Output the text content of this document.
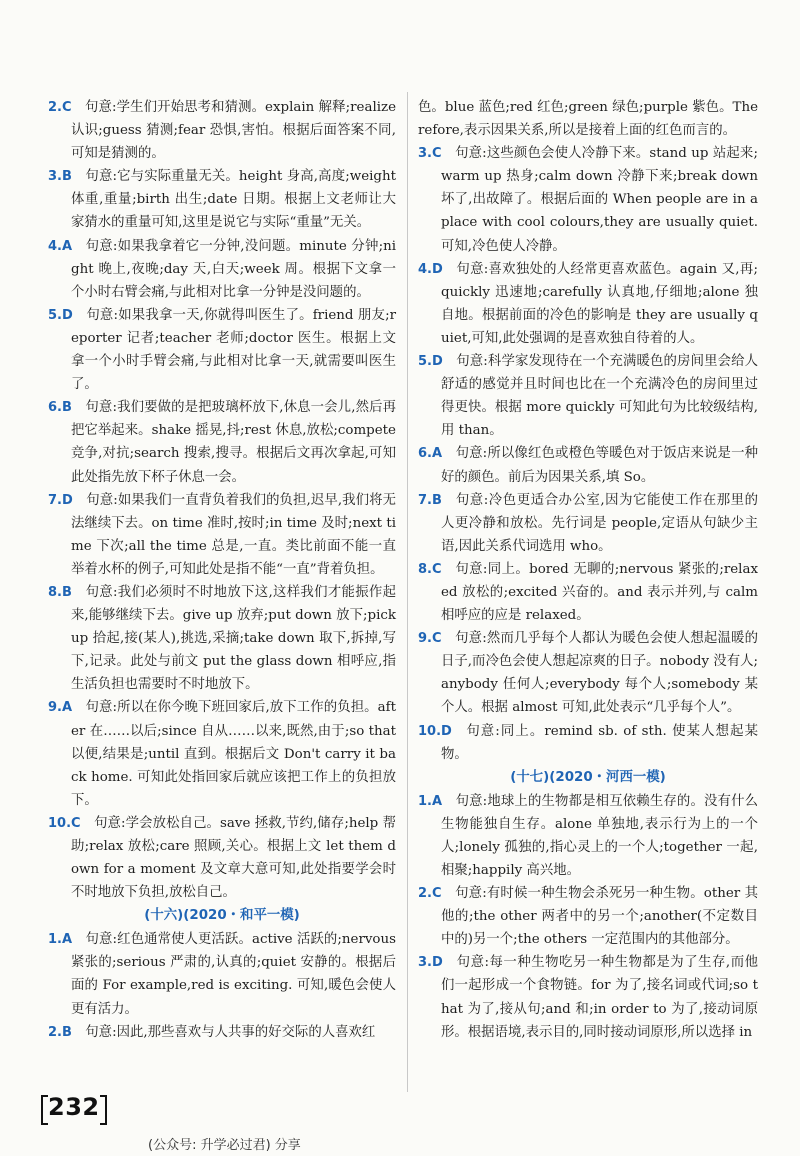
2.C  句意:学生们开始思考和猜测。explain 解释;realize 认识;guess 猜测;fear 恐惧,害怕。根据后面答案不同,可知是猜测的。
3.B  句意:它与实际重量无关。height 身高,高度;weight 体重,重量;birth 出生;date 日期。根据上文老师让大家猜水的重量可知,这里是说它与实际“重量”无关。
4.A  句意:如果我拿着它一分钟,没问题。minute 分钟;night 晚上,夜晚;day 天,白天;week 周。根据下文拿一个小时右臂会痛,与此相对比拿一分钟是没问题的。
5.D  句意:如果我拿一天,你就得叫医生了。friend 朋友;reporter 记者;teacher 老师;doctor 医生。根据上文拿一个小时手臂会痛,与此相对比拿一天,就需要叫医生了。
6.B  句意:我们要做的是把玻璃杯放下,休息一会儿,然后再把它举起来。shake 摇晃,抖;rest 休息,放松;compete 竞争,对抗;search 搜索,搜寻。根据后文再次拿起,可知此处指先放下杯子休息一会。
7.D  句意:如果我们一直背负着我们的负担,迟早,我们将无法继续下去。on time 准时,按时;in time 及时;next time 下次;all the time 总是,一直。类比前面不能一直举着水杯的例子,可知此处是指不能“一直”背着负担。
8.B  句意:我们必须时不时地放下这,这样我们才能振作起来,能够继续下去。give up 放弃;put down 放下;pick up 拾起,接(某人),挑选,采摘;take down 取下,拆掉,写下,记录。此处与前文 put the glass down 相呼应,指生活负担也需要时不时地放下。
9.A  句意:所以在你今晚下班回家后,放下工作的负担。after 在……以后;since 自从……以来,既然,由于;so that 以便,结果是;until 直到。根据后文 Don't carry it back home. 可知此处指回家后就应该把工作上的负担放下。
10.C  句意:学会放松自己。save 拯救,节约,储存;help 帮助;relax 放松;care 照顾,关心。根据上文 let them down for a moment 及文章大意可知,此处指要学会时不时地放下负担,放松自己。

(十六)(2020・和平一模)

1.A  句意:红色通常使人更活跃。active 活跃的;nervous 紧张的;serious 严肃的,认真的;quiet 安静的。根据后面的 For example,red is exciting. 可知,暖色会使人更有活力。
2.B  句意:因此,那些喜欢与人共事的好交际的人喜欢红
色。blue 蓝色;red 红色;green 绿色;purple 紫色。Therefore,表示因果关系,所以是接着上面的红色而言的。
3.C  句意:这些颜色会使人冷静下来。stand up 站起来;warm up 热身;calm down 冷静下来;break down 坏了,出故障了。根据后面的 When people are in a place with cool colours,they are usually quiet. 可知,冷色使人冷静。
4.D  句意:喜欢独处的人经常更喜欢蓝色。again 又,再;quickly 迅速地;carefully 认真地,仔细地;alone 独自地。根据前面的冷色的影响是 they are usually quiet,可知,此处强调的是喜欢独自待着的人。
5.D  句意:科学家发现待在一个充满暖色的房间里会给人舒适的感觉并且时间也比在一个充满冷色的房间里过得更快。根据 more quickly 可知此句为比较级结构,用 than。
6.A  句意:所以像红色或橙色等暖色对于饭店来说是一种好的颜色。前后为因果关系,填 So。
7.B  句意:冷色更适合办公室,因为它能使工作在那里的人更冷静和放松。先行词是 people,定语从句缺少主语,因此关系代词选用 who。
8.C  句意:同上。bored 无聊的;nervous 紧张的;relaxed 放松的;excited 兴奋的。and 表示并列,与 calm 相呼应的应是 relaxed。
9.C  句意:然而几乎每个人都认为暖色会使人想起温暖的日子,而冷色会使人想起凉爽的日子。nobody 没有人;anybody 任何人;everybody 每个人;somebody 某个人。根据 almost 可知,此处表示“几乎每个人”。
10.D  句意:同上。remind sb. of sth. 使某人想起某物。

(十七)(2020・河西一模)

1.A  句意:地球上的生物都是相互依赖生存的。没有什么生物能独自生存。alone 单独地,表示行为上的一个人;lonely 孤独的,指心灵上的一个人;together 一起,相聚;happily 高兴地。
2.C  句意:有时候一种生物会杀死另一种生物。other 其他的;the other 两者中的另一个;another(不定数目中的)另一个;the others 一定范围内的其他部分。
3.D  句意:每一种生物吃另一种生物都是为了生存,而他们一起形成一个食物链。for 为了,接名词或代词;so that 为了,接从句;and 和;in order to 为了,接动词原形。根据语境,表示目的,同时接动词原形,所以选择 in
232
(公众号: 升学必过君) 分享
